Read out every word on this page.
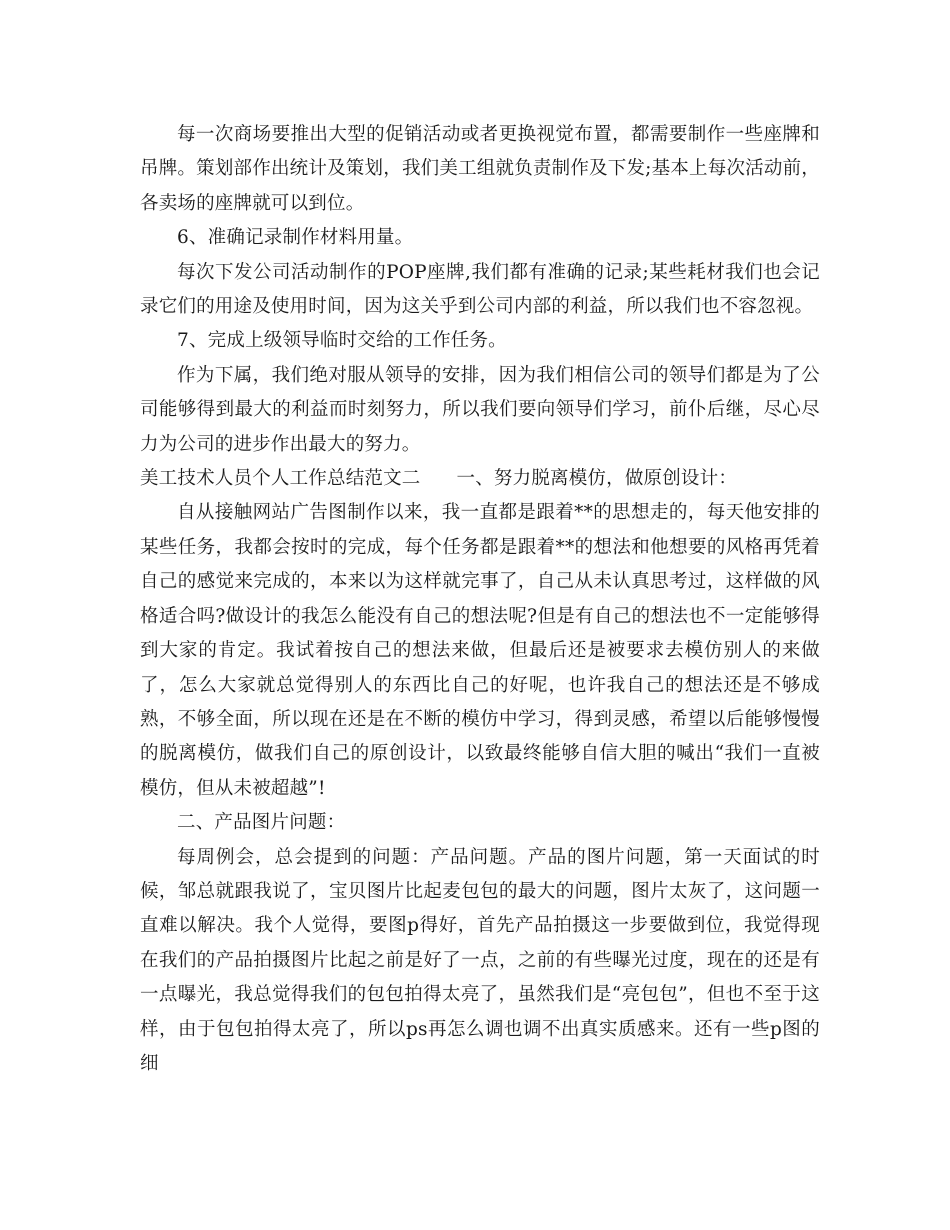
每一次商场要推出大型的促销活动或者更换视觉布置，都需要制作一些座牌和吊牌。策划部作出统计及策划，我们美工组就负责制作及下发;基本上每次活动前，各卖场的座牌就可以到位。

6、准确记录制作材料用量。

每次下发公司活动制作的POP座牌,我们都有准确的记录;某些耗材我们也会记录它们的用途及使用时间，因为这关乎到公司内部的利益，所以我们也不容忽视。

7、完成上级领导临时交给的工作任务。

作为下属，我们绝对服从领导的安排，因为我们相信公司的领导们都是为了公司能够得到最大的利益而时刻努力，所以我们要向领导们学习，前仆后继，尽心尽力为公司的进步作出最大的努力。

美工技术人员个人工作总结范文二 一、努力脱离模仿，做原创设计：

自从接触网站广告图制作以来，我一直都是跟着**的思想走的，每天他安排的某些任务，我都会按时的完成，每个任务都是跟着**的想法和他想要的风格再凭着自己的感觉来完成的，本来以为这样就完事了，自己从未认真思考过，这样做的风格适合吗?做设计的我怎么能没有自己的想法呢?但是有自己的想法也不一定能够得到大家的肯定。我试着按自己的想法来做，但最后还是被要求去模仿别人的来做了，怎么大家就总觉得别人的东西比自己的好呢，也许我自己的想法还是不够成熟，不够全面，所以现在还是在不断的模仿中学习，得到灵感，希望以后能够慢慢的脱离模仿，做我们自己的原创设计，以致最终能够自信大胆的喊出“我们一直被模仿，但从未被超越”!

二、产品图片问题：

每周例会，总会提到的问题：产品问题。产品的图片问题，第一天面试的时候，邹总就跟我说了，宝贝图片比起麦包包的最大的问题，图片太灰了，这问题一直难以解决。我个人觉得，要图p得好，首先产品拍摄这一步要做到位，我觉得现在我们的产品拍摄图片比起之前是好了一点，之前的有些曝光过度，现在的还是有一点曝光，我总觉得我们的包包拍得太亮了，虽然我们是“亮包包”，但也不至于这样，由于包包拍得太亮了，所以ps再怎么调也调不出真实质感来。还有一些p图的细
